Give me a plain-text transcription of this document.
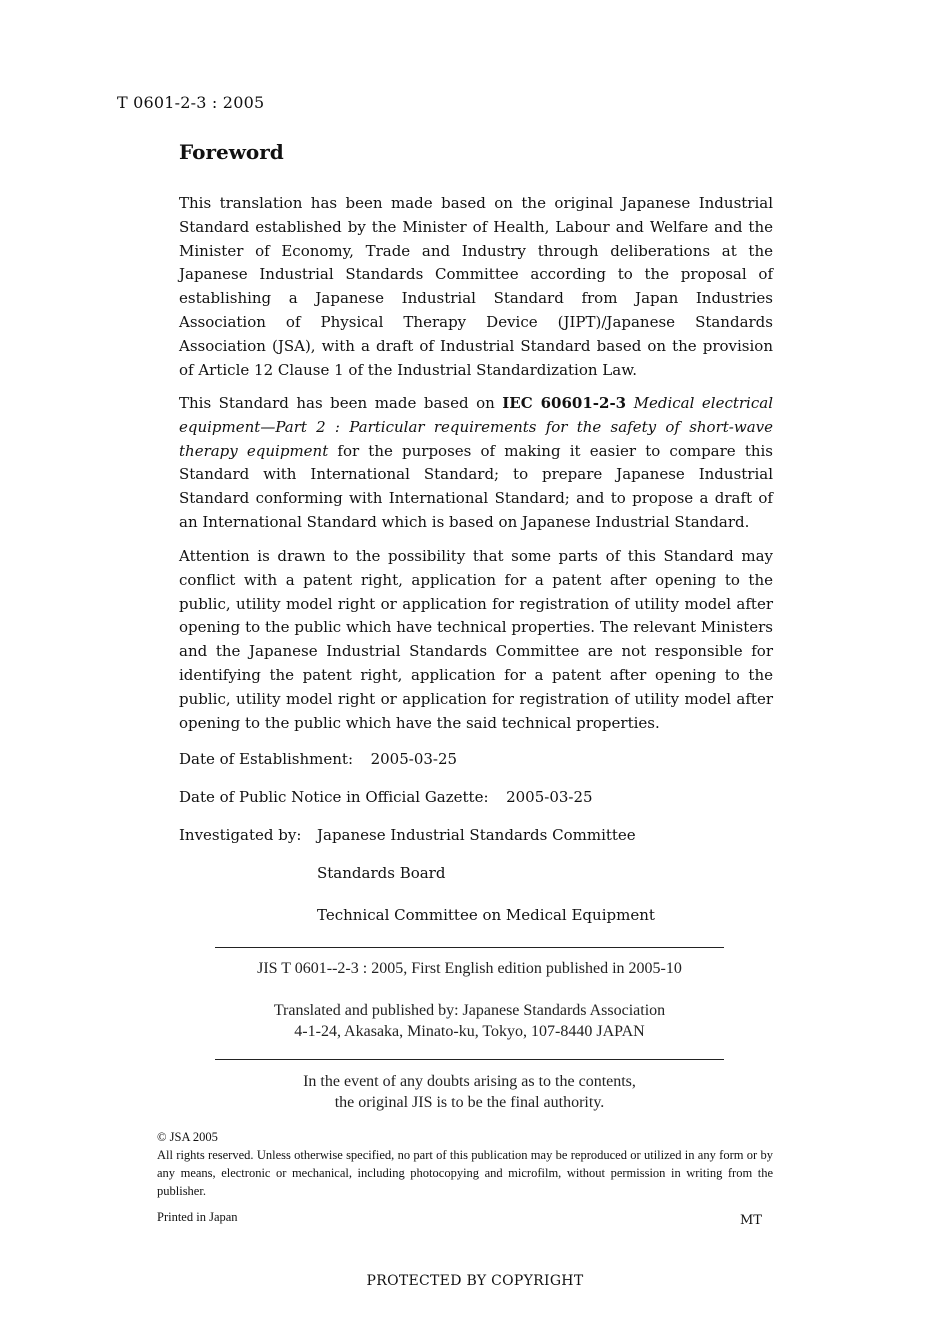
T 0601-2-3 : 2005
Foreword

This translation has been made based on the original Japanese Industrial Standard established by the Minister of Health, Labour and Welfare and the Minister of Economy, Trade and Industry through deliberations at the Japanese Industrial Standards Committee according to the proposal of establishing a Japanese Industrial Standard from Japan Industries Association of Physical Therapy Device (JIPT)/Japanese Standards Association (JSA), with a draft of Industrial Standard based on the provision of Article 12 Clause 1 of the Industrial Standardization Law.

This Standard has been made based on IEC 60601-2-3 Medical electrical equipment—Part 2 : Particular requirements for the safety of short-wave therapy equipment for the purposes of making it easier to compare this Standard with International Standard; to prepare Japanese Industrial Standard conforming with International Standard; and to propose a draft of an International Standard which is based on Japanese Industrial Standard.

Attention is drawn to the possibility that some parts of this Standard may conflict with a patent right, application for a patent after opening to the public, utility model right or application for registration of utility model after opening to the public which have technical properties. The relevant Ministers and the Japanese Industrial Standards Committee are not responsible for identifying the patent right, application for a patent after opening to the public, utility model right or application for registration of utility model after opening to the public which have the said technical properties.

Date of Establishment: 2005-03-25
Date of Public Notice in Official Gazette: 2005-03-25
Investigated by: Japanese Industrial Standards Committee
Standards Board
Technical Committee on Medical Equipment
JIS T 0601--2-3 : 2005, First English edition published in 2005-10
Translated and published by: Japanese Standards Association
4-1-24, Akasaka, Minato-ku, Tokyo, 107-8440 JAPAN
In the event of any doubts arising as to the contents,
the original JIS is to be the final authority.
© JSA 2005
All rights reserved. Unless otherwise specified, no part of this publication may be reproduced or utilized in any form or by any means, electronic or mechanical, including photocopying and microfilm, without permission in writing from the publisher.
Printed in Japan	MT
PROTECTED BY COPYRIGHT
